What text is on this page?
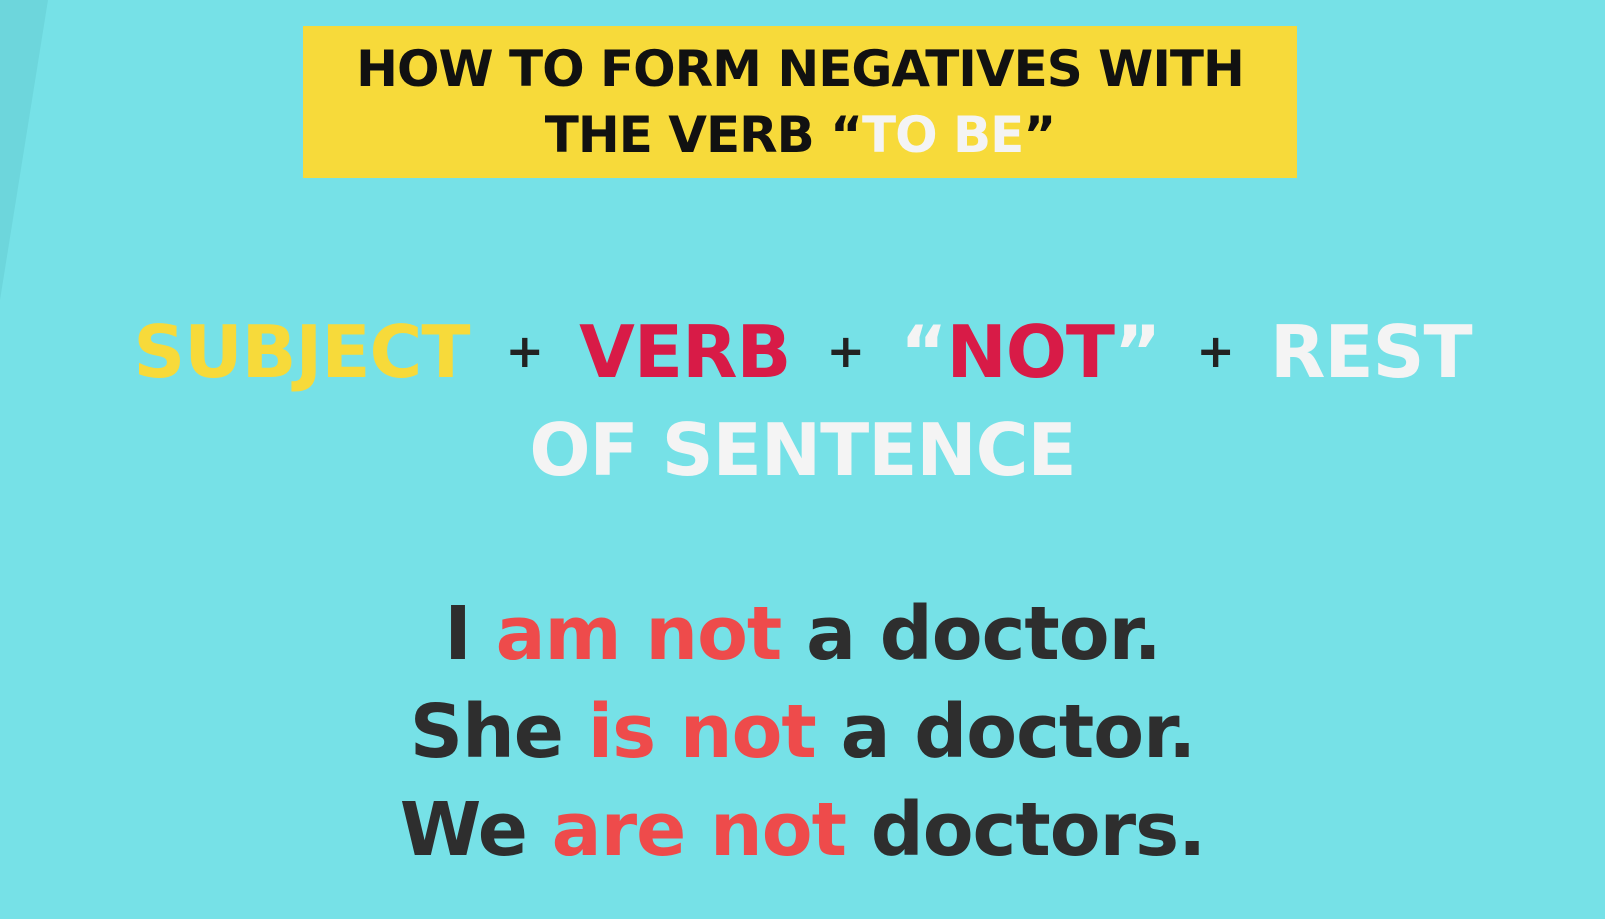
HOW TO FORM NEGATIVES WITH
THE VERB “TO BE”
SUBJECT + VERB + “NOT” + REST
OF SENTENCE
I am not a doctor.
She is not a doctor.
We are not doctors.
